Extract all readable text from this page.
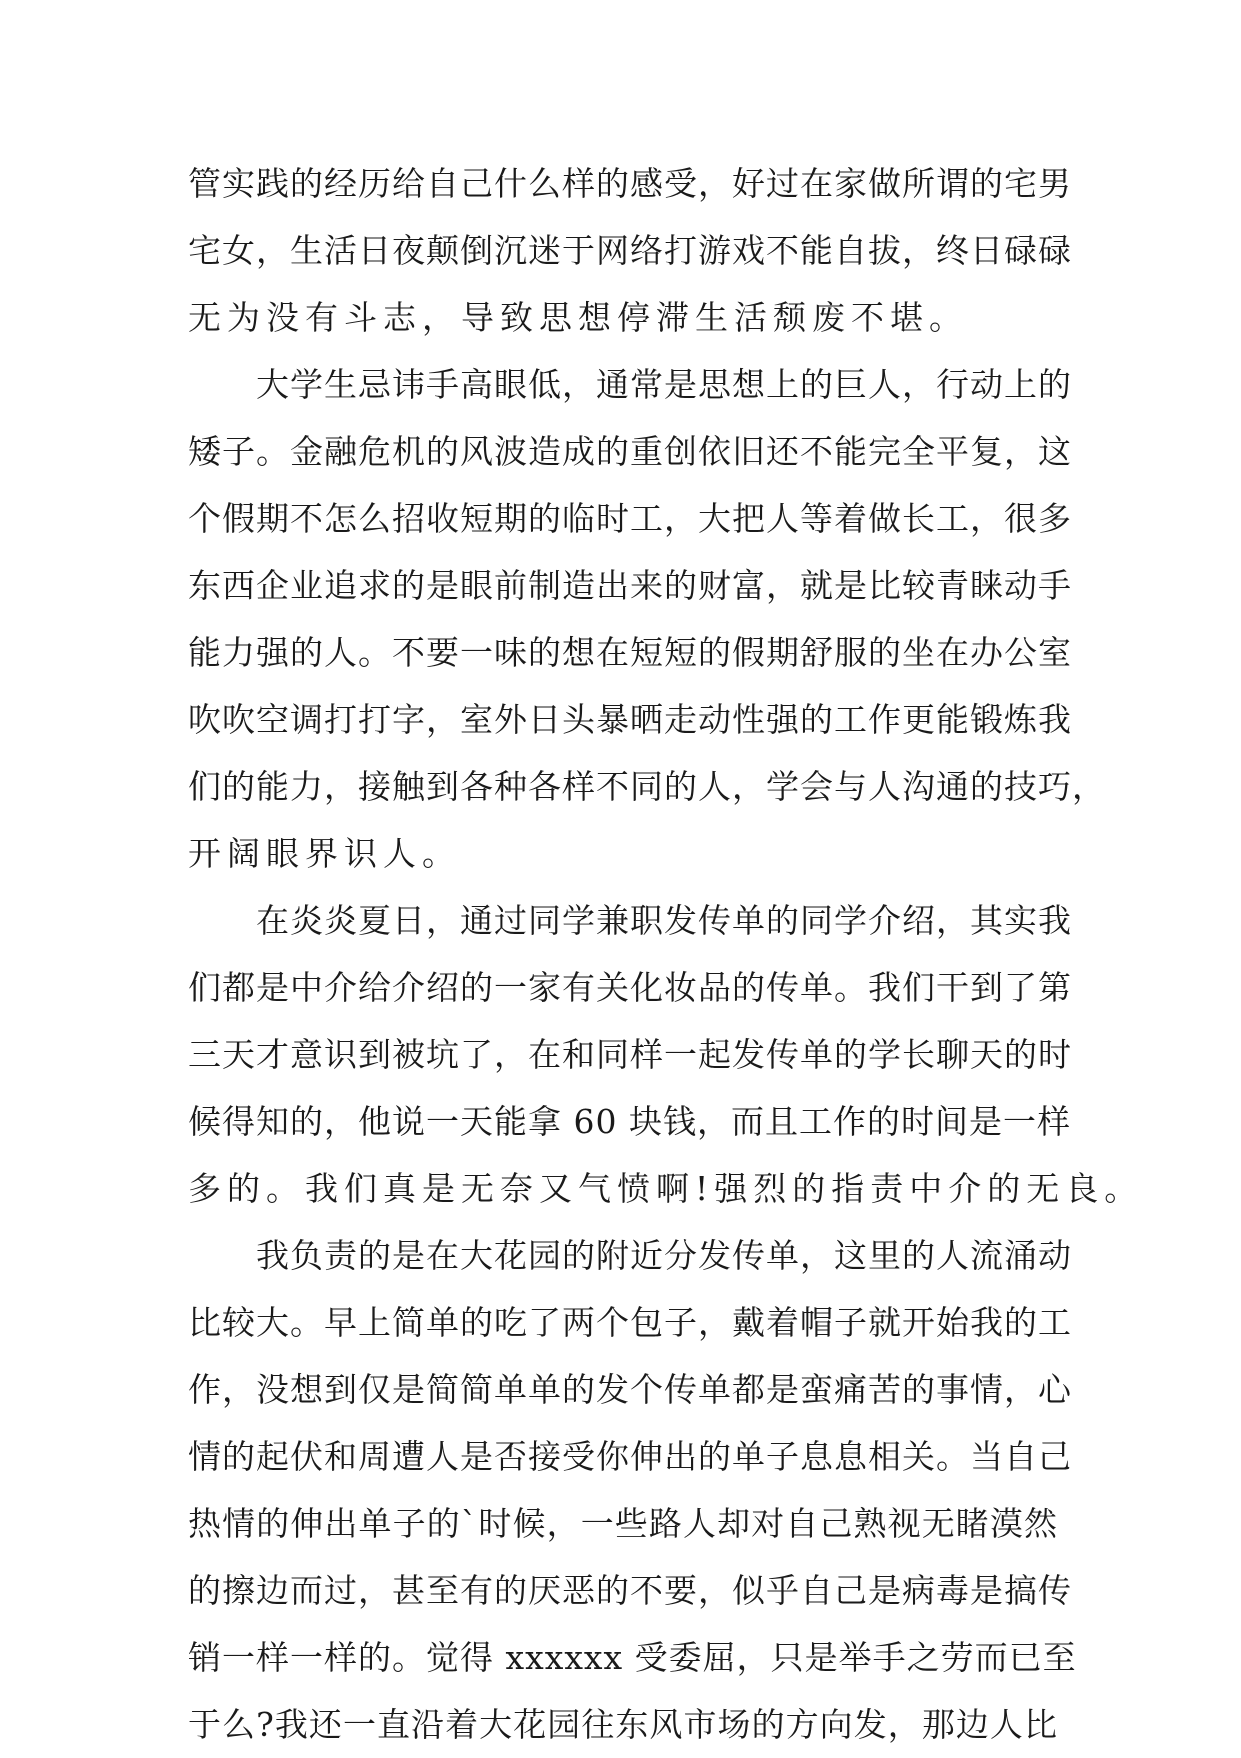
管实践的经历给自己什么样的感受，好过在家做所谓的宅男
宅女，生活日夜颠倒沉迷于网络打游戏不能自拔，终日碌碌
无为没有斗志，导致思想停滞生活颓废不堪。
大学生忌讳手高眼低，通常是思想上的巨人，行动上的
矮子。金融危机的风波造成的重创依旧还不能完全平复，这
个假期不怎么招收短期的临时工，大把人等着做长工，很多
东西企业追求的是眼前制造出来的财富，就是比较青睐动手
能力强的人。不要一味的想在短短的假期舒服的坐在办公室
吹吹空调打打字，室外日头暴晒走动性强的工作更能锻炼我
们的能力，接触到各种各样不同的人，学会与人沟通的技巧，
开阔眼界识人。
在炎炎夏日，通过同学兼职发传单的同学介绍，其实我
们都是中介给介绍的一家有关化妆品的传单。我们干到了第
三天才意识到被坑了，在和同样一起发传单的学长聊天的时
候得知的，他说一天能拿 60 块钱，而且工作的时间是一样
多的。我们真是无奈又气愤啊!强烈的指责中介的无良。
我负责的是在大花园的附近分发传单，这里的人流涌动
比较大。早上简单的吃了两个包子，戴着帽子就开始我的工
作，没想到仅是简简单单的发个传单都是蛮痛苦的事情，心
情的起伏和周遭人是否接受你伸出的单子息息相关。当自己
热情的伸出单子的`时候，一些路人却对自己熟视无睹漠然
的擦边而过，甚至有的厌恶的不要，似乎自己是病毒是搞传
销一样一样的。觉得 xxxxxx 受委屈，只是举手之劳而已至
于么?我还一直沿着大花园往东风市场的方向发，那边人比
